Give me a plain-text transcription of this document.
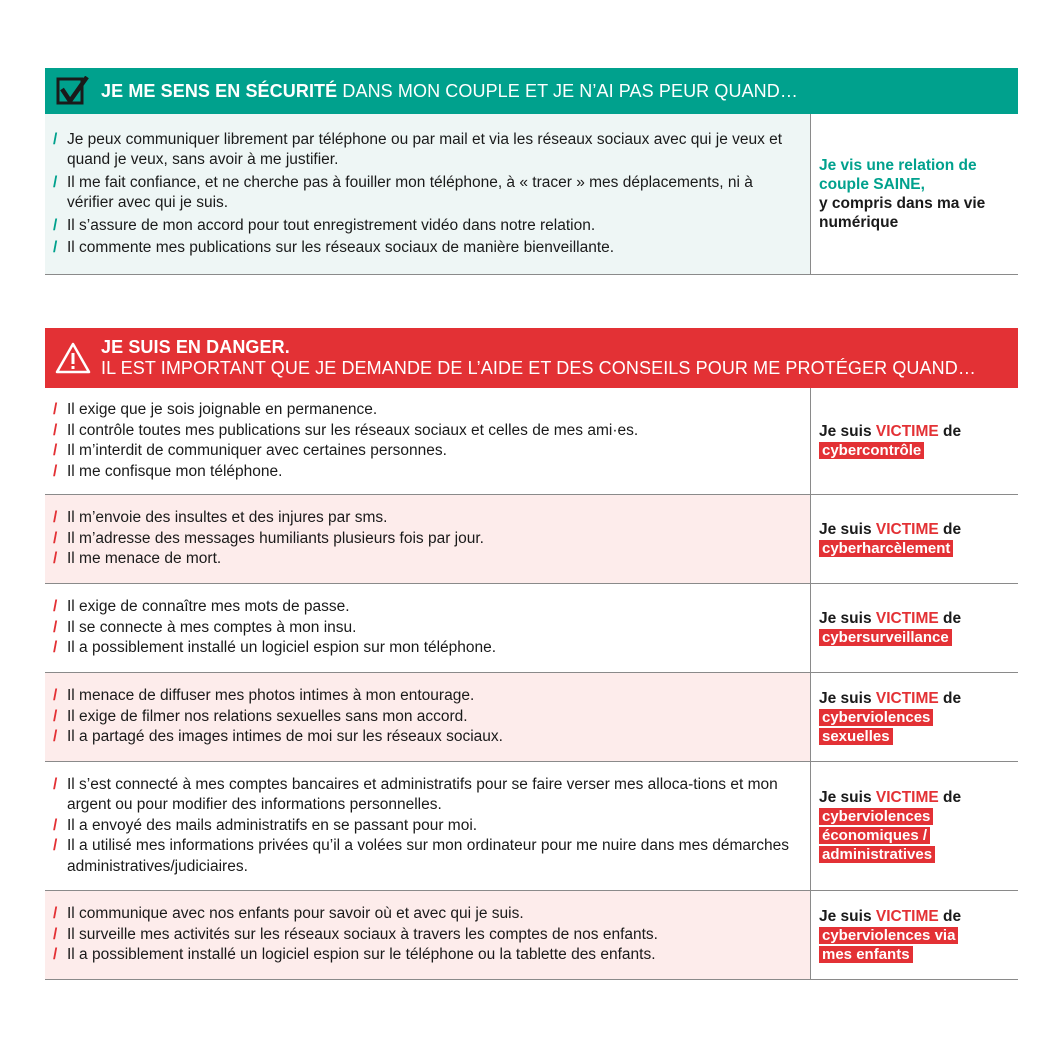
JE ME SENS EN SÉCURITÉ DANS MON COUPLE ET JE N’AI PAS PEUR QUAND…
/ Je peux communiquer librement par téléphone ou par mail et via les réseaux sociaux avec qui je veux et quand je veux, sans avoir à me justifier.
/ Il me fait confiance, et ne cherche pas à fouiller mon téléphone, à « tracer » mes déplacements, ni à vérifier avec qui je suis.
/ Il s’assure de mon accord pour tout enregistrement vidéo dans notre relation.
/ Il commente mes publications sur les réseaux sociaux de manière bienveillante.
Je vis une relation de couple SAINE,
y compris dans ma vie numérique
JE SUIS EN DANGER.
IL EST IMPORTANT QUE JE DEMANDE DE L’AIDE ET DES CONSEILS POUR ME PROTÉGER QUAND…
/ Il exige que je sois joignable en permanence.
/ Il contrôle toutes mes publications sur les réseaux sociaux et celles de mes ami·es.
/ Il m’interdit de communiquer avec certaines personnes.
/ Il me confisque mon téléphone.
Je suis VICTIME de
cybercontrôle
/ Il m’envoie des insultes et des injures par sms.
/ Il m’adresse des messages humiliants plusieurs fois par jour.
/ Il me menace de mort.
Je suis VICTIME de
cyberharcèlement
/ Il exige de connaître mes mots de passe.
/ Il se connecte à mes comptes à mon insu.
/ Il a possiblement installé un logiciel espion sur mon téléphone.
Je suis VICTIME de
cybersurveillance
/ Il menace de diffuser mes photos intimes à mon entourage.
/ Il exige de filmer nos relations sexuelles sans mon accord.
/ Il a partagé des images intimes de moi sur les réseaux sociaux.
Je suis VICTIME de
cyberviolences sexuelles
/ Il s’est connecté à mes comptes bancaires et administratifs pour se faire verser mes alloca-tions et mon argent ou pour modifier des informations personnelles.
/ Il a envoyé des mails administratifs en se passant pour moi.
/ Il a utilisé mes informations privées qu’il a volées sur mon ordinateur pour me nuire dans mes démarches administratives/judiciaires.
Je suis VICTIME de
cyberviolences économiques / administratives
/ Il communique avec nos enfants pour savoir où et avec qui je suis.
/ Il surveille mes activités sur les réseaux sociaux à travers les comptes de nos enfants.
/ Il a possiblement installé un logiciel espion sur le téléphone ou la tablette des enfants.
Je suis VICTIME de
cyberviolences via mes enfants
